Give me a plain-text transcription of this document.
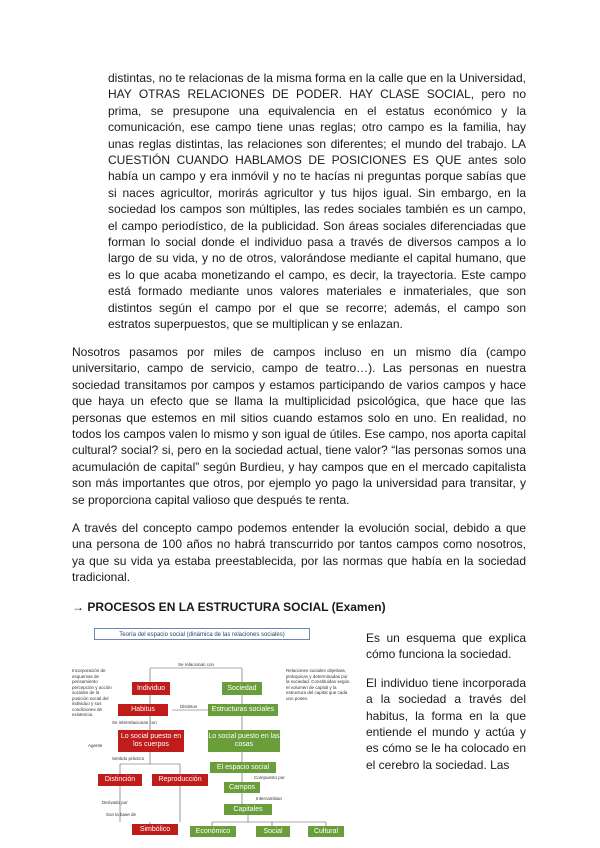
distintas, no te relacionas de la misma forma en la calle que en la Universidad, HAY OTRAS RELACIONES DE PODER. HAY CLASE SOCIAL, pero no prima, se presupone una equivalencia en el estatus económico y la comunicación, ese campo tiene unas reglas; otro campo es la familia, hay unas reglas distintas, las relaciones son diferentes; el mundo del trabajo. LA CUESTIÓN CUANDO HABLAMOS DE POSICIONES ES QUE antes solo había un campo y era inmóvil y no te hacías ni preguntas porque sabías que si naces agricultor, morirás agricultor y tus hijos igual. Sin embargo, en la sociedad los campos son múltiples, las redes sociales también es un campo, el campo periodístico, de la publicidad. Son áreas sociales diferenciadas que forman lo social donde el individuo pasa a través de diversos campos a lo largo de su vida, y no de otros, valorándose mediante el capital humano, que es lo que acaba monetizando el campo, es decir, la trayectoria. Este campo está formado mediante unos valores materiales e inmateriales, que son distintos según el campo por el que se recorre; además, el campo son estratos superpuestos, que se multiplican y se enlazan.

Nosotros pasamos por miles de campos incluso en un mismo día (campo universitario, campo de servicio, campo de teatro…). Las personas en nuestra sociedad transitamos por campos y estamos participando de varios campos y hace que haya un efecto que se llama la multiplicidad psicológica, que hace que las personas que estemos en mil sitios cuando estamos solo en uno. En realidad, no todos los campos valen lo mismo y son igual de útiles. Ese campo, nos aporta capital cultural? social? si, pero en la sociedad actual, tiene valor? “las personas somos una acumulación de capital” según Burdieu, y hay campos que en el mercado capitalista son más importantes que otros, por ejemplo yo pago la universidad para transitar, y se proporciona capital valioso que después te renta.

A través del concepto campo podemos entender la evolución social, debido a que una persona de 100 años no habrá transcurrido por tantos campos como nosotros, ya que su vida ya estaba preestablecida, por las normas que había en la sociedad tradicional.

→ PROCESOS EN LA ESTRUCTURA SOCIAL (Examen)

Teoría del espacio social (dinámica de las relaciones sociales)
Se relacionan con
Incorporación de esquemas de pensamiento percepción y acción sociales de la posición social del individuo y sus condiciones de existencia.
Relaciones sociales objetivas, jerárquicas y determinadas por la sociedad. Constituidas según el volumen de capital y la estructura del capital que cada uno posee.
Individuo	Sociedad
Habitus	Distintos	Estructuras sociales
Se interrelacionan con
Lo social puesto en los cuerpos
Lo social puesto en las cosas
Agente
Sentido práctico
El espacio social
Compuesto por
Distinción	Reproducción
Campos
Intercambian
Derivado por
Capitales
Son la base de
Simbólico	Económico	Social	Cultural

Es un esquema que explica cómo funciona la sociedad.

El individuo tiene incorporada a la sociedad a través del habitus, la forma en la que entiende el mundo y actúa y es cómo se le ha colocado en el cerebro la sociedad. Las
